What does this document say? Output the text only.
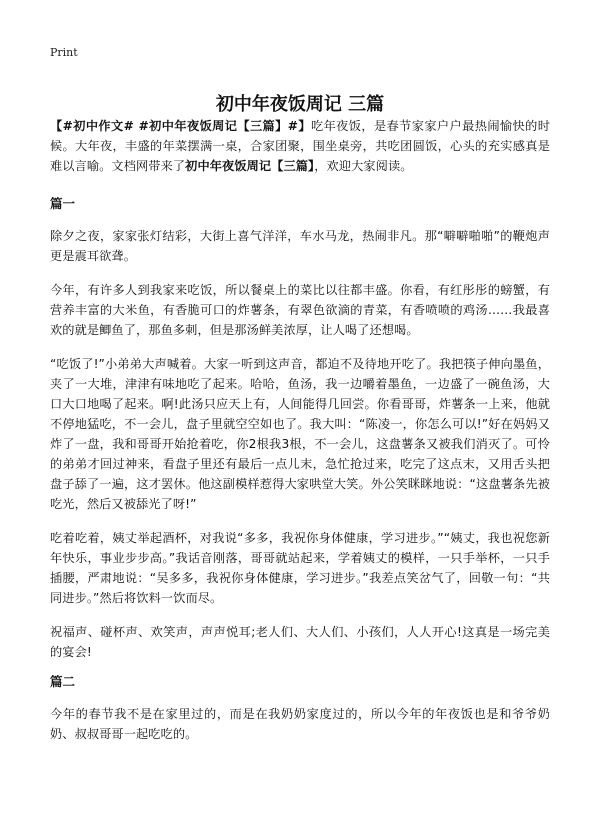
Print
初中年夜饭周记 三篇

【#初中作文# #初中年夜饭周记【三篇】#】吃年夜饭，是春节家家户户最热闹愉快的时候。大年夜，丰盛的年菜摆满一桌，合家团聚，围坐桌旁，共吃团圆饭，心头的充实感真是难以言喻。文档网带来了初中年夜饭周记【三篇】，欢迎大家阅读。

篇一

除夕之夜，家家张灯结彩，大街上喜气洋洋，车水马龙，热闹非凡。那“噼噼啪啪”的鞭炮声更是震耳欲聋。

今年，有许多人到我家来吃饭，所以餐桌上的菜比以往都丰盛。你看，有红彤彤的螃蟹，有营养丰富的大米鱼，有香脆可口的炸薯条，有翠色欲滴的青菜，有香喷喷的鸡汤……我最喜欢的就是鲫鱼了，那鱼多刺，但是那汤鲜美浓厚，让人喝了还想喝。

“吃饭了!”小弟弟大声喊着。大家一听到这声音，都迫不及待地开吃了。我把筷子伸向墨鱼，夹了一大堆，津津有味地吃了起来。哈哈，鱼汤，我一边嚼着墨鱼，一边盛了一碗鱼汤，大口大口地喝了起来。啊!此汤只应天上有，人间能得几回尝。你看哥哥，炸薯条一上来，他就不停地猛吃，不一会儿，盘子里就空空如也了。我大叫：“陈凌一，你怎么可以!”好在妈妈又炸了一盘，我和哥哥开始抢着吃，你2根我3根，不一会儿，这盘薯条又被我们消灭了。可怜的弟弟才回过神来，看盘子里还有最后一点儿末，急忙抢过来，吃完了这点末，又用舌头把盘子舔了一遍，这才罢休。他这副模样惹得大家哄堂大笑。外公笑眯眯地说：“这盘薯条先被吃光，然后又被舔光了呀!”

吃着吃着，姨丈举起酒杯，对我说“多多，我祝你身体健康，学习进步。”“姨丈，我也祝您新年快乐，事业步步高。”我话音刚落，哥哥就站起来，学着姨丈的模样，一只手举杯，一只手插腰，严肃地说：“吴多多，我祝你身体健康，学习进步。”我差点笑岔气了，回敬一句：“共同进步。”然后将饮料一饮而尽。

祝福声、碰杯声、欢笑声，声声悦耳;老人们、大人们、小孩们，人人开心!这真是一场完美的宴会!

篇二

今年的春节我不是在家里过的，而是在我奶奶家度过的，所以今年的年夜饭也是和爷爷奶奶、叔叔哥哥一起吃吃的。
